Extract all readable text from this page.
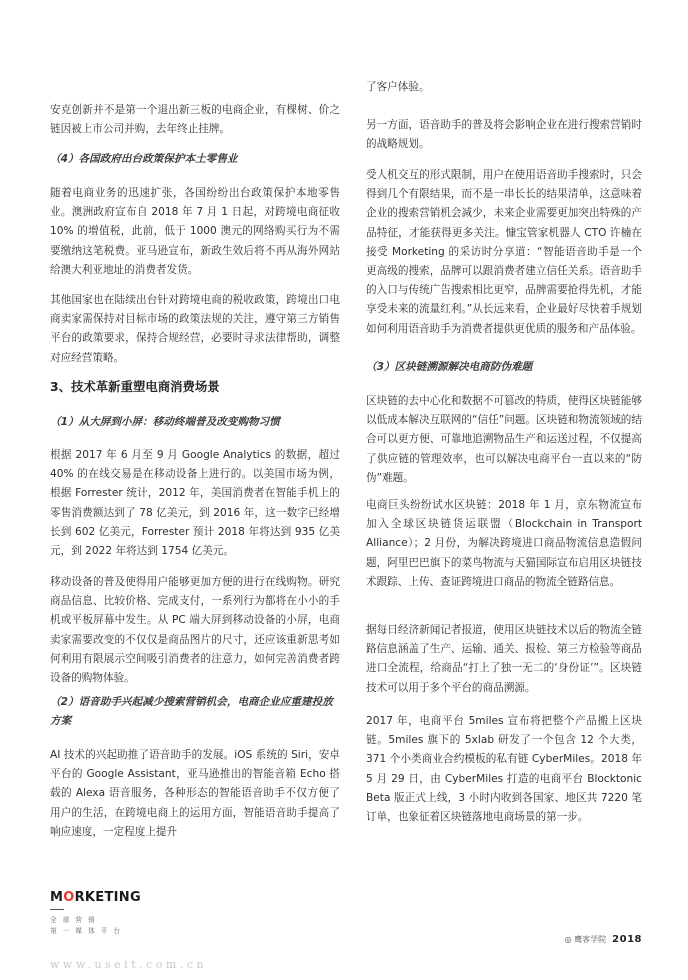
安克创新并不是第一个退出新三板的电商企业，有棵树、价之链因被上市公司并购，去年终止挂牌。

（4）各国政府出台政策保护本土零售业

随着电商业务的迅速扩张，各国纷纷出台政策保护本地零售业。澳洲政府宣布自 2018 年 7 月 1 日起，对跨境电商征收 10% 的增值税，此前，低于 1000 澳元的网络购买行为不需要缴纳这笔税费。亚马逊宣布，新政生效后将不再从海外网站给澳大利亚地址的消费者发货。

其他国家也在陆续出台针对跨境电商的税收政策，跨境出口电商卖家需保持对目标市场的政策法规的关注，遵守第三方销售平台的政策要求，保持合规经营，必要时寻求法律帮助，调整对应经营策略。

3、技术革新重塑电商消费场景

（1）从大屏到小屏：移动终端普及改变购物习惯

根据 2017 年 6 月至 9 月 Google Analytics 的数据，超过 40% 的在线交易是在移动设备上进行的。以美国市场为例，根据 Forrester 统计，2012 年，美国消费者在智能手机上的零售消费额达到了 78 亿美元，到 2016 年，这一数字已经增长到 602 亿美元，Forrester 预计 2018 年将达到 935 亿美元，到 2022 年将达到 1754 亿美元。

移动设备的普及使得用户能够更加方便的进行在线购物。研究商品信息、比较价格、完成支付，一系列行为都将在小小的手机或平板屏幕中发生。从 PC 端大屏到移动设备的小屏，电商卖家需要改变的不仅仅是商品图片的尺寸，还应该重新思考如何利用有限展示空间吸引消费者的注意力，如何完善消费者跨设备的购物体验。

（2）语音助手兴起减少搜索营销机会，电商企业应重建投放方案

AI 技术的兴起助推了语音助手的发展。iOS 系统的 Siri，安卓平台的 Google Assistant，亚马逊推出的智能音箱 Echo 搭载的 Alexa 语音服务，各种形态的智能语音助手不仅方便了用户的生活，在跨境电商上的运用方面，智能语音助手提高了响应速度，一定程度上提升

了客户体验。

另一方面，语音助手的普及将会影响企业在进行搜索营销时的战略规划。

受人机交互的形式限制，用户在使用语音助手搜索时，只会得到几个有限结果，而不是一串长长的结果清单，这意味着企业的搜索营销机会减少，未来企业需要更加突出特殊的产品特征，才能获得更多关注。慷宝管家机器人 CTO 许楠在接受 Morketing 的采访时分享道：“智能语音助手是一个更高级的搜索，品牌可以跟消费者建立信任关系。语音助手的入口与传统广告搜索相比更窄，品牌需要抢得先机，才能享受未来的流量红利。”从长远来看，企业最好尽快着手规划如何利用语音助手为消费者提供更优质的服务和产品体验。

（3）区块链溯源解决电商防伪难题

区块链的去中心化和数据不可篡改的特质，使得区块链能够以低成本解决互联网的“信任”问题。区块链和物流领域的结合可以更方便、可靠地追溯物品生产和运送过程，不仅提高了供应链的管理效率，也可以解决电商平台一直以来的“防伪”难题。

电商巨头纷纷试水区块链：2018 年 1 月，京东物流宣布加入全球区块链货运联盟（Blockchain in Transport Alliance）；2 月份，为解决跨境进口商品物流信息造假问题，阿里巴巴旗下的菜鸟物流与天猫国际宣布启用区块链技术跟踪、上传、查证跨境进口商品的物流全链路信息。

据每日经济新闻记者报道，使用区块链技术以后的物流全链路信息涵盖了生产、运输、通关、报检、第三方检验等商品进口全流程，给商品“打上了独一无二的‘身份证’”。区块链技术可以用于多个平台的商品溯源。

2017 年，电商平台 5miles 宣布将把整个产品搬上区块链。5miles 旗下的 5xlab 研发了一个包含 12 个大类，371 个小类商业合约模板的私有链 CyberMiles。2018 年 5 月 29 日，由 CyberMiles 打造的电商平台 Blocktonic Beta 版正式上线，3 小时内收到各国家、地区共 7220 笔订单，也象征着区块链落地电商场景的第一步。

MORKETING
全 球 营 销
第 一 媒 体 平 台
◎ 鹰客学院 2018
www.useit.com.cn
